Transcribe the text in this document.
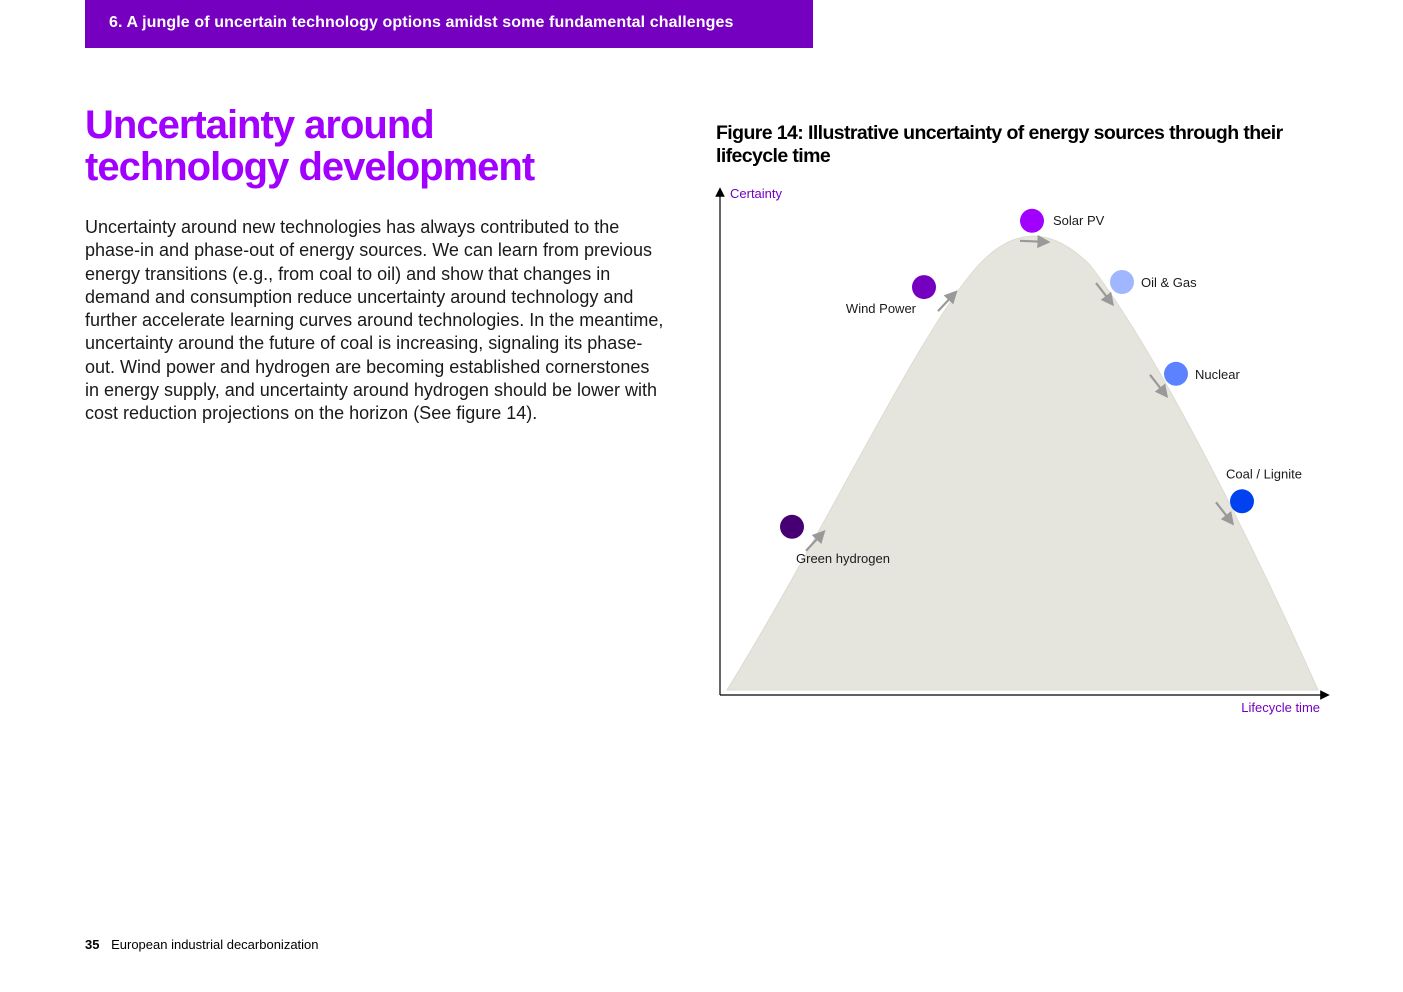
6. A jungle of uncertain technology options amidst some fundamental challenges
Uncertainty around
technology development

Uncertainty around new technologies has always contributed to the phase-in and phase-out of energy sources. We can learn from previous energy transitions (e.g., from coal to oil) and show that changes in demand and consumption reduce uncertainty around technology and further accelerate learning curves around technologies. In the meantime, uncertainty around the future of coal is increasing, signaling its phase-out. Wind power and hydrogen are becoming established cornerstones in energy supply, and uncertainty around hydrogen should be lower with cost reduction projections on the horizon (See figure 14).

Figure 14: Illustrative uncertainty of energy sources through their lifecycle time
Certainty
Lifecycle time
Green hydrogen
Wind Power
Solar PV
Oil & Gas
Nuclear
Coal / Lignite
35 European industrial decarbonization
